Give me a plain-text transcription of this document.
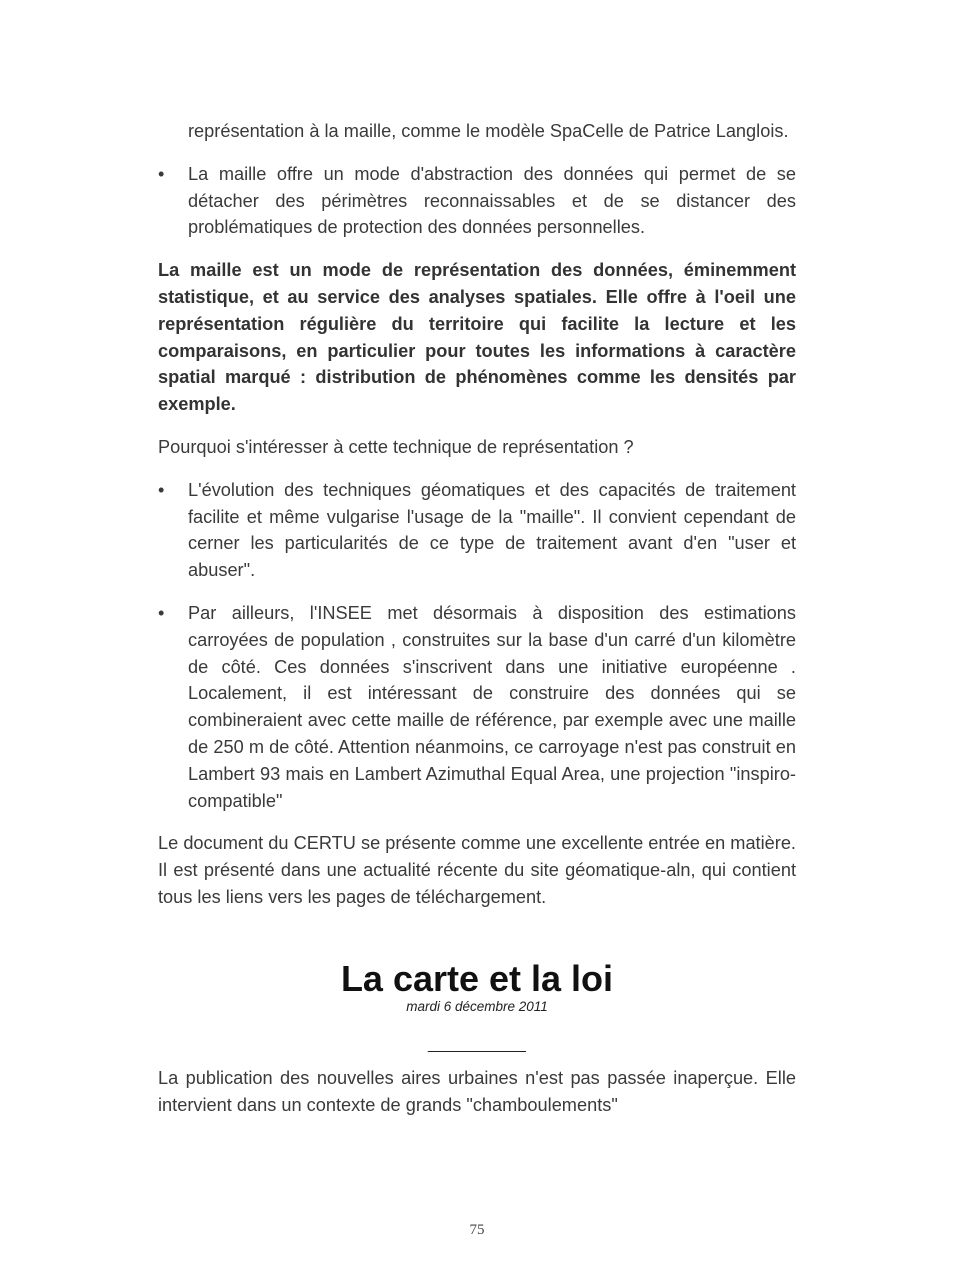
représentation à la maille, comme le modèle SpaCelle de Patrice Langlois.

• La maille offre un mode d'abstraction des données qui permet de se détacher des périmètres reconnaissables et de se distancer des problématiques de protection des données personnelles.

La maille est un mode de représentation des données, éminemment statistique, et au service des analyses spatiales. Elle offre à l'oeil une représentation régulière du territoire qui facilite la lecture et les comparaisons, en particulier pour toutes les informations à caractère spatial marqué : distribution de phénomènes comme les densités par exemple.

Pourquoi s'intéresser à cette technique de représentation ?

• L'évolution des techniques géomatiques et des capacités de traitement facilite et même vulgarise l'usage de la "maille". Il convient cependant de cerner les particularités de ce type de traitement avant d'en "user et abuser".

• Par ailleurs, l'INSEE met désormais à disposition des estimations carroyées de population , construites sur la base d'un carré d'un kilomètre de côté. Ces données s'inscrivent dans une initiative européenne . Localement, il est intéressant de construire des données qui se combineraient avec cette maille de référence, par exemple avec une maille de 250 m de côté. Attention néanmoins, ce carroyage n'est pas construit en Lambert 93 mais en Lambert Azimuthal Equal Area, une projection "inspiro-compatible"

Le document du CERTU se présente comme une excellente entrée en matière. Il est présenté dans une actualité récente du site géomatique-aln, qui contient tous les liens vers les pages de téléchargement.

La carte et la loi

mardi 6 décembre 2011

___________

La publication des nouvelles aires urbaines n'est pas passée inaperçue. Elle intervient dans un contexte de grands "chamboulements"

75
